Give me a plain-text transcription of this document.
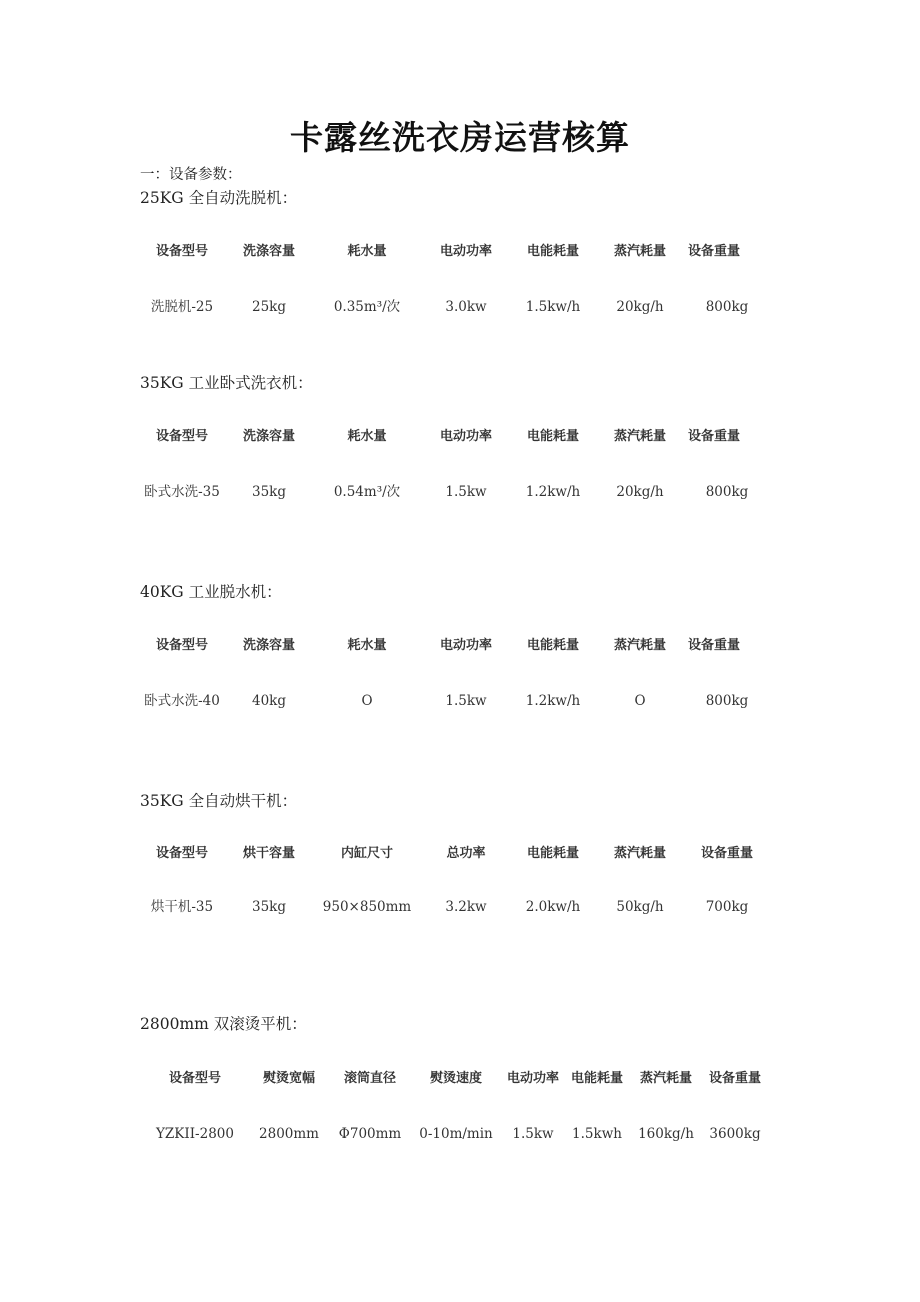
卡露丝洗衣房运营核算
一：设备参数：
25KG 全自动洗脱机：
设备型号	洗涤容量	耗水量	电动功率	电能耗量	蒸汽耗量 设备重量
洗脱机-25	25kg	0.35m³/次	3.0kw	1.5kw/h	20kg/h	800kg
35KG 工业卧式洗衣机：
设备型号	洗涤容量	耗水量	电动功率	电能耗量	蒸汽耗量 设备重量
卧式水洗-35 35kg	0.54m³/次	1.5kw	1.2kw/h	20kg/h	800kg
40KG 工业脱水机：
设备型号	洗涤容量	耗水量	电动功率	电能耗量	蒸汽耗量 设备重量
卧式水洗-40 40kg	O	1.5kw	1.2kw/h	O	800kg
35KG 全自动烘干机：
设备型号	烘干容量	内缸尺寸	总功率	电能耗量	蒸汽耗量	设备重量
烘干机-35	35kg	950×850mm	3.2kw	2.0kw/h	50kg/h	700kg
2800mm 双滚烫平机：
设备型号	熨烫宽幅 滚筒直径	熨烫速度 电动功率 电能耗量 蒸汽耗量 设备重量
YZKII-2800 2800mm Φ700mm 0-10m/min 1.5kw 1.5kwh 160kg/h 3600kg
